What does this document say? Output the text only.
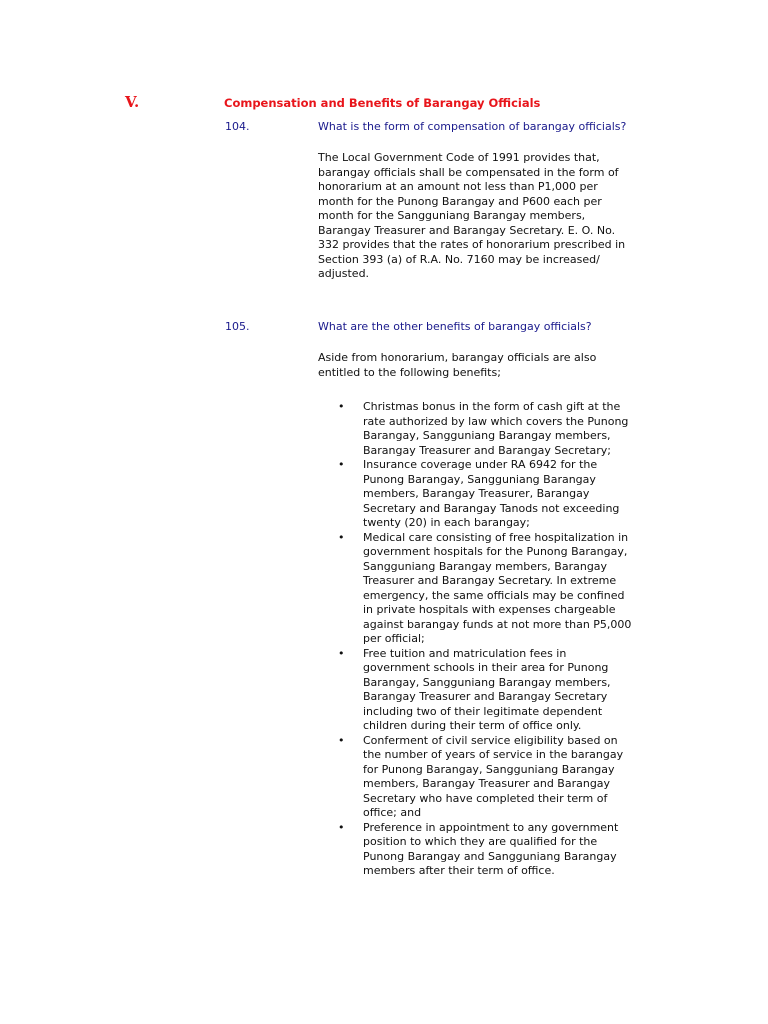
V.	Compensation and Benefits of Barangay Officials
104.	What is the form of compensation of barangay officials?
The Local Government Code of 1991 provides that,
barangay officials shall be compensated in the form of
honorarium at an amount not less than P1,000 per
month for the Punong Barangay and P600 each per
month for the Sangguniang Barangay members,
Barangay Treasurer and Barangay Secretary. E. O. No.
332 provides that the rates of honorarium prescribed in
Section 393 (a) of R.A. No. 7160 may be increased/
adjusted.
105.	What are the other benefits of barangay officials?
Aside from honorarium, barangay officials are also
entitled to the following benefits;
• Christmas bonus in the form of cash gift at the
rate authorized by law which covers the Punong
Barangay, Sangguniang Barangay members,
Barangay Treasurer and Barangay Secretary;
• Insurance coverage under RA 6942 for the
Punong Barangay, Sangguniang Barangay
members, Barangay Treasurer, Barangay
Secretary and Barangay Tanods not exceeding
twenty (20) in each barangay;
• Medical care consisting of free hospitalization in
government hospitals for the Punong Barangay,
Sangguniang Barangay members, Barangay
Treasurer and Barangay Secretary. In extreme
emergency, the same officials may be confined
in private hospitals with expenses chargeable
against barangay funds at not more than P5,000
per official;
• Free tuition and matriculation fees in
government schools in their area for Punong
Barangay, Sangguniang Barangay members,
Barangay Treasurer and Barangay Secretary
including two of their legitimate dependent
children during their term of office only.
• Conferment of civil service eligibility based on
the number of years of service in the barangay
for Punong Barangay, Sangguniang Barangay
members, Barangay Treasurer and Barangay
Secretary who have completed their term of
office; and
• Preference in appointment to any government
position to which they are qualified for the
Punong Barangay and Sangguniang Barangay
members after their term of office.
